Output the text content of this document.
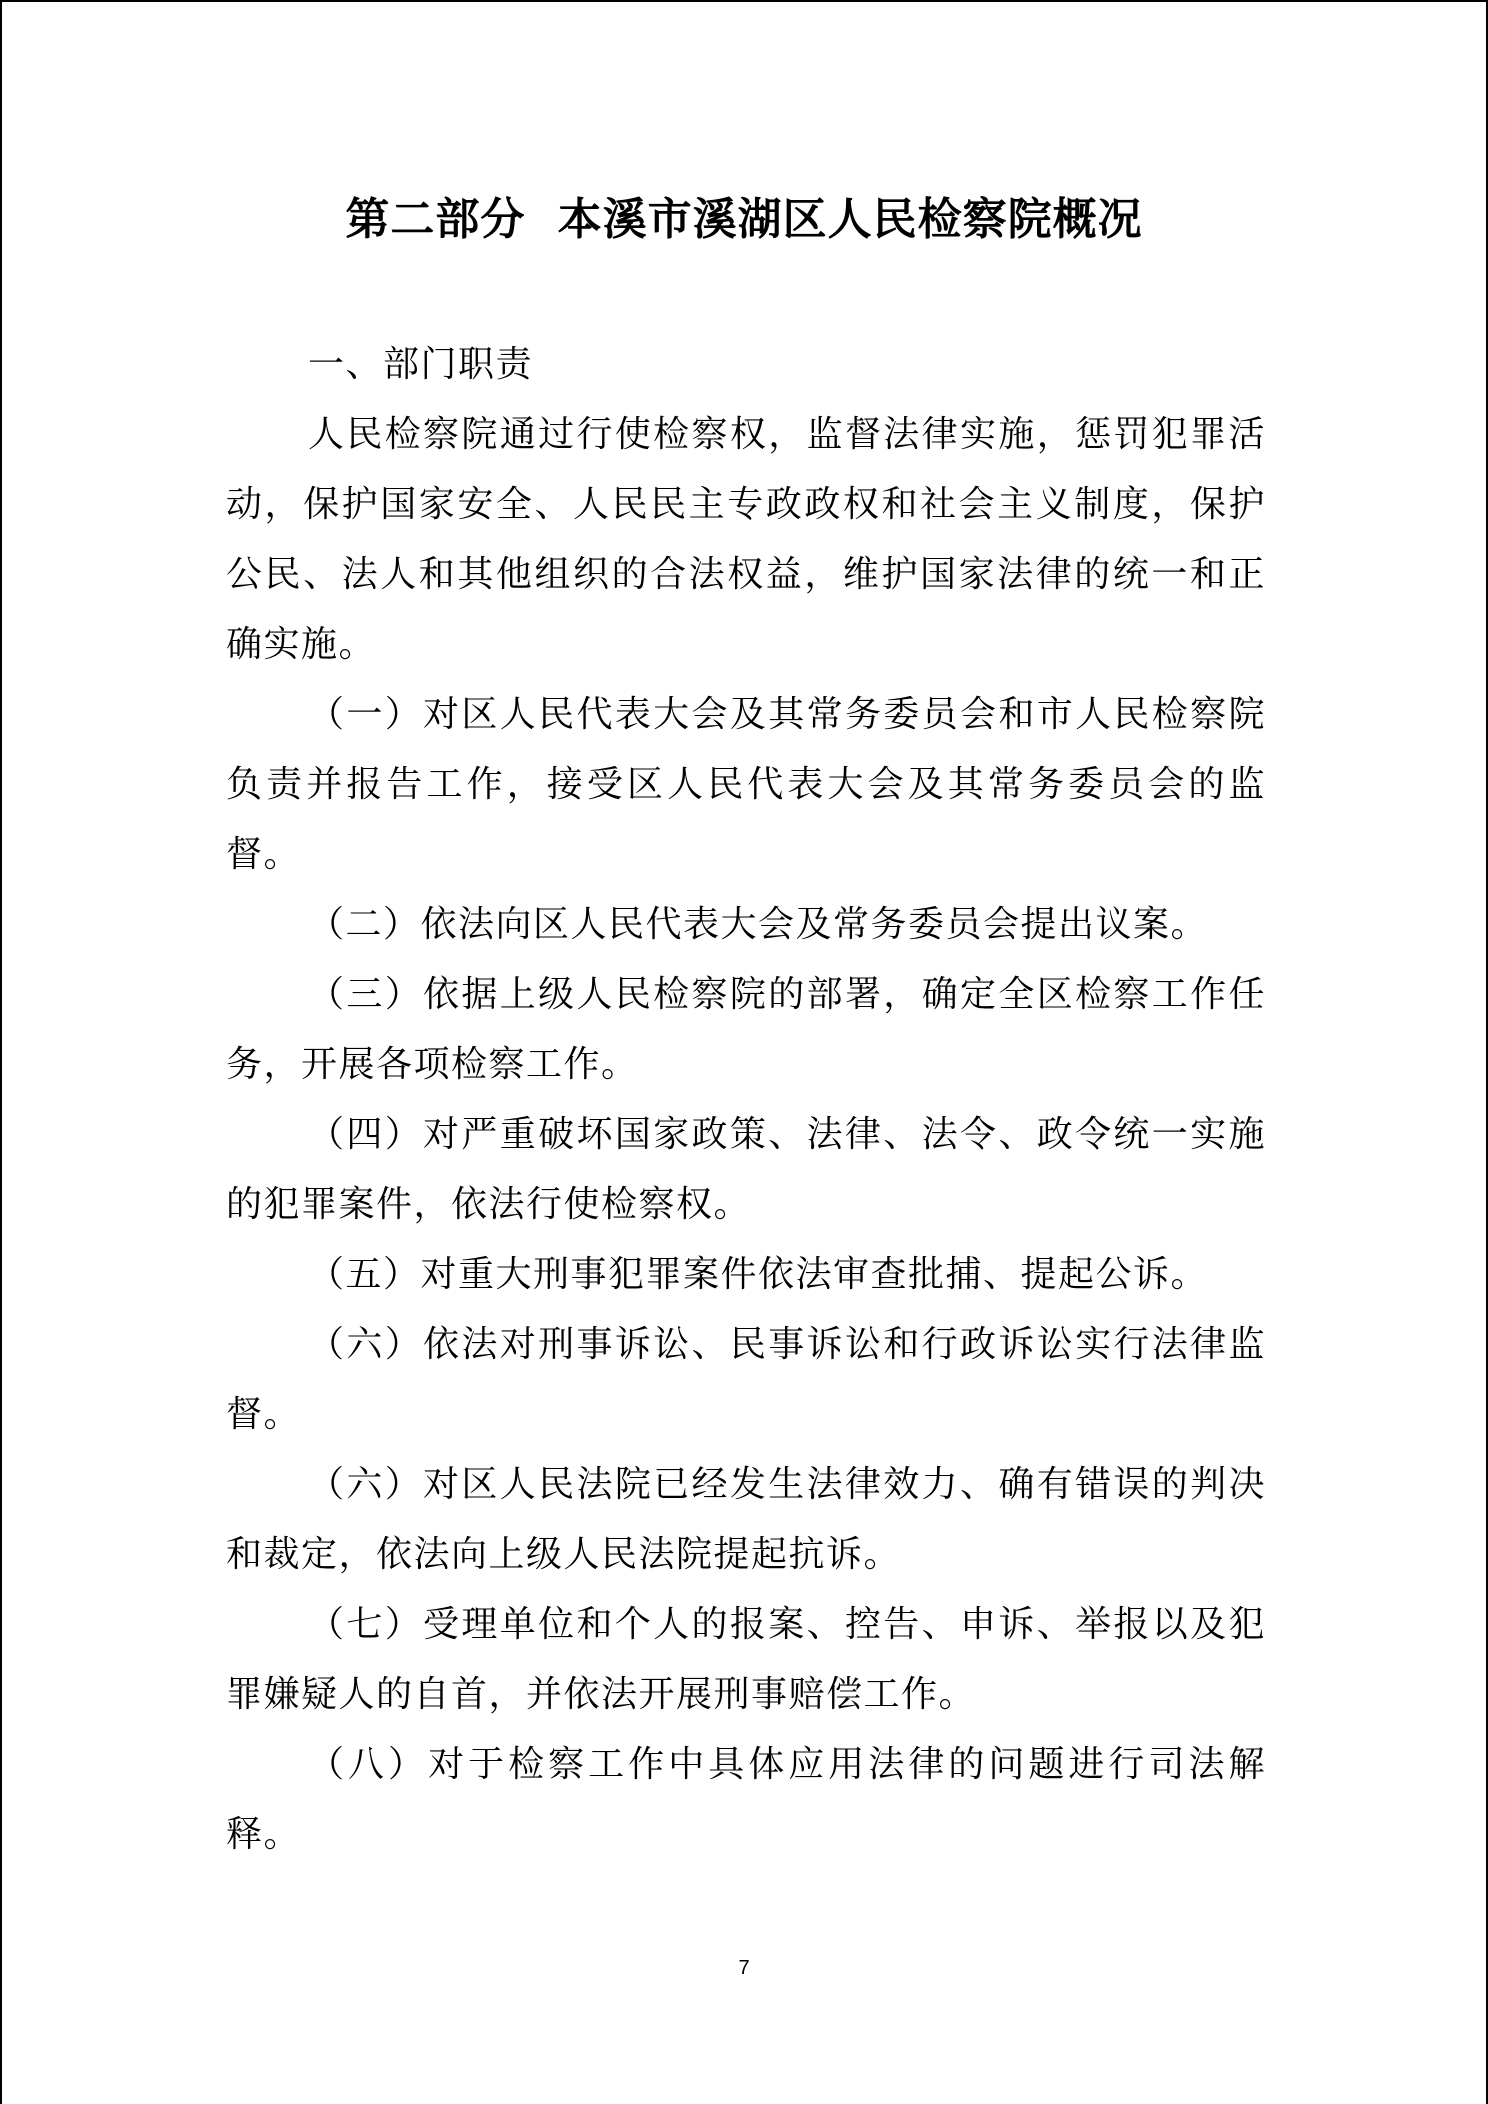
第二部分 本溪市溪湖区人民检察院概况

一、部门职责

人民检察院通过行使检察权，监督法律实施，惩罚犯罪活动，保护国家安全、人民民主专政政权和社会主义制度，保护公民、法人和其他组织的合法权益，维护国家法律的统一和正确实施。

（一）对区人民代表大会及其常务委员会和市人民检察院负责并报告工作，接受区人民代表大会及其常务委员会的监督。

（二）依法向区人民代表大会及常务委员会提出议案。

（三）依据上级人民检察院的部署，确定全区检察工作任务，开展各项检察工作。

（四）对严重破坏国家政策、法律、法令、政令统一实施的犯罪案件，依法行使检察权。

（五）对重大刑事犯罪案件依法审查批捕、提起公诉。

（六）依法对刑事诉讼、民事诉讼和行政诉讼实行法律监督。

（六）对区人民法院已经发生法律效力、确有错误的判决和裁定，依法向上级人民法院提起抗诉。

（七）受理单位和个人的报案、控告、申诉、举报以及犯罪嫌疑人的自首，并依法开展刑事赔偿工作。

（八）对于检察工作中具体应用法律的问题进行司法解释。

7
